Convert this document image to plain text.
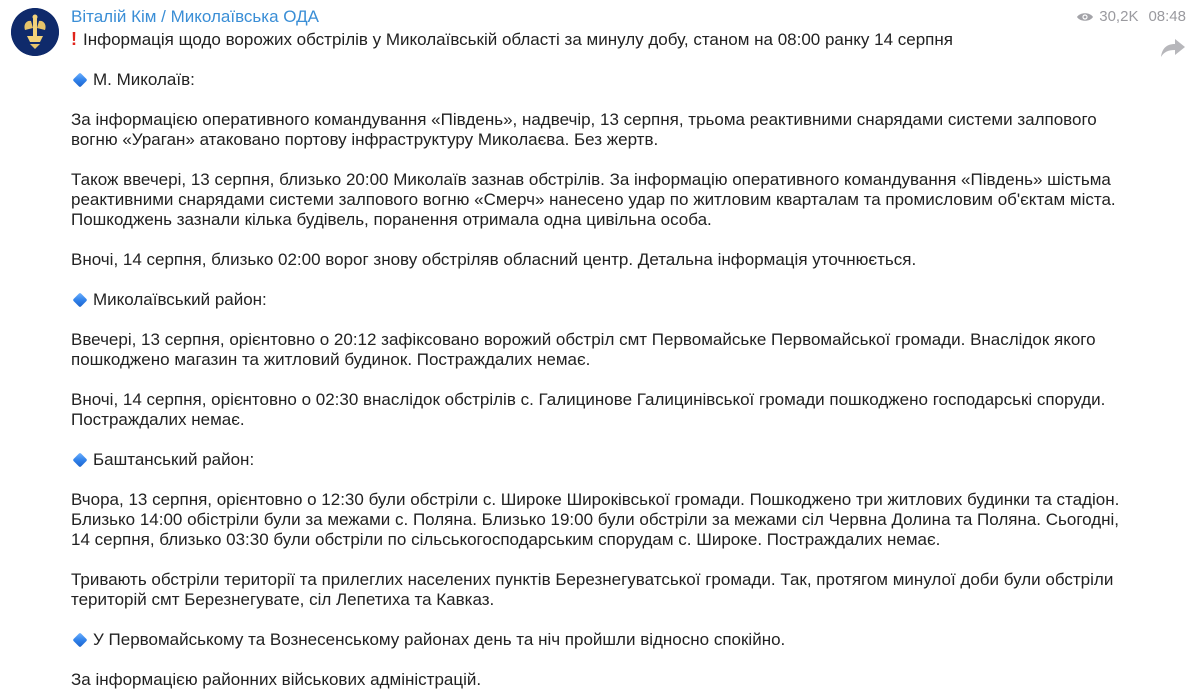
Віталій Кім / Миколаївська ОДА	30,2K 08:48

! Інформація щодо ворожих обстрілів у Миколаївській області за минулу добу, станом на 08:00 ранку 14 серпня

М. Миколаїв:

За інформацією оперативного командування «Південь», надвечір, 13 серпня, трьома реактивними снарядами системи залпового вогню «Ураган» атаковано портову інфраструктуру Миколаєва. Без жертв.

Також ввечері, 13 серпня, близько 20:00 Миколаїв зазнав обстрілів. За інформацію оперативного командування «Південь» шістьма реактивними снарядами системи залпового вогню «Смерч» нанесено удар по житловим кварталам та промисловим об'єктам міста. Пошкоджень зазнали кілька будівель, поранення отримала одна цивільна особа.

Вночі, 14 серпня, близько 02:00 ворог знову обстріляв обласний центр. Детальна інформація уточнюється.

Миколаївський район:

Ввечері, 13 серпня, орієнтовно о 20:12 зафіксовано ворожий обстріл смт Первомайське Первомайської громади. Внаслідок якого пошкоджено магазин та житловий будинок. Постраждалих немає.

Вночі, 14 серпня, орієнтовно о 02:30 внаслідок обстрілів с. Галицинове Галицинівської громади пошкоджено господарські споруди. Постраждалих немає.

Баштанський район:

Вчора, 13 серпня, орієнтовно о 12:30 були обстріли с. Широке Широківської громади. Пошкоджено три житлових будинки та стадіон. Близько 14:00 обістріли були за межами с. Поляна. Близько 19:00 були обстріли за межами сіл Червна Долина та Поляна. Сьогодні, 14 серпня, близько 03:30 були обстріли по сільськогосподарським спорудам с. Широке. Постраждалих немає.

Тривають обстріли території та прилеглих населених пунктів Березнегуватської громади. Так, протягом минулої доби були обстріли територій смт Березнегувате, сіл Лепетиха та Кавказ.

У Первомайському та Вознесенському районах день та ніч пройшли відносно спокійно.

За інформацією районних військових адміністрацій.
